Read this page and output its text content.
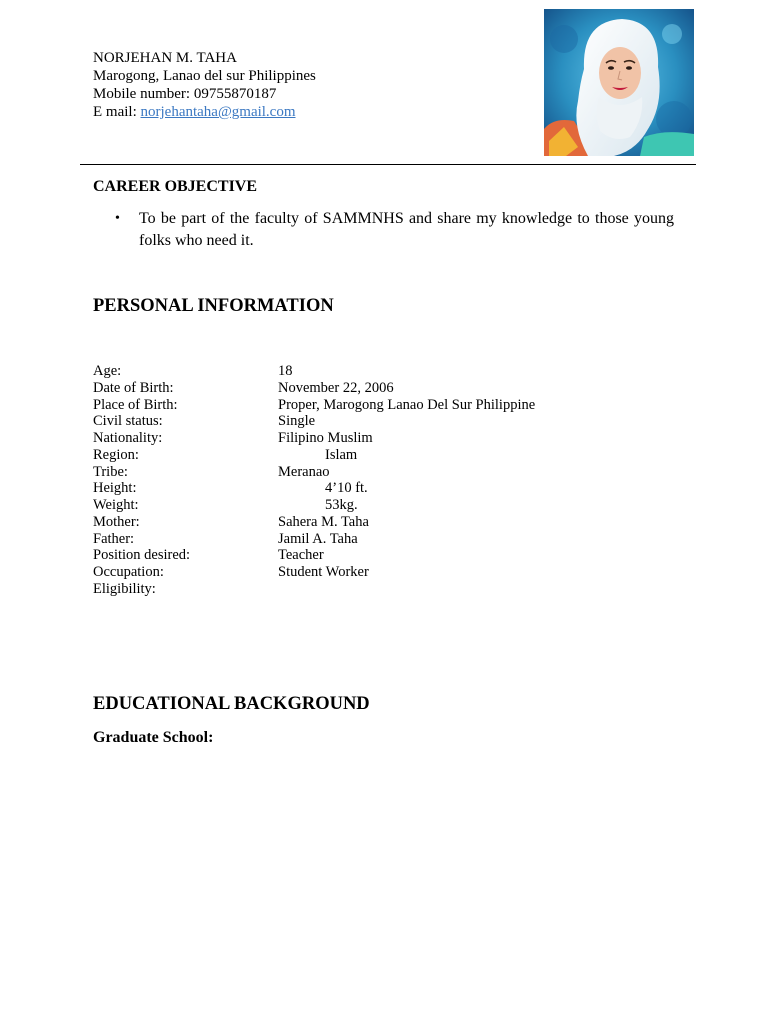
NORJEHAN M. TAHA
Marogong, Lanao del sur Philippines
Mobile number: 09755870187
E mail: norjehantaha@gmail.com
CAREER OBJECTIVE
• To be part of the faculty of SAMMNHS and share my knowledge to those young folks who need it.
PERSONAL INFORMATION
Age:	18
Date of Birth:	November 22, 2006
Place of Birth:	Proper, Marogong Lanao Del Sur Philippine
Civil status:	Single
Nationality:	Filipino Muslim
Region:	Islam
Tribe:	Meranao
Height:	4’10 ft.
Weight:	53kg.
Mother:	Sahera M. Taha
Father:	Jamil A. Taha
Position desired:	Teacher
Occupation:	Student Worker
Eligibility:
EDUCATIONAL BACKGROUND
Graduate School:
